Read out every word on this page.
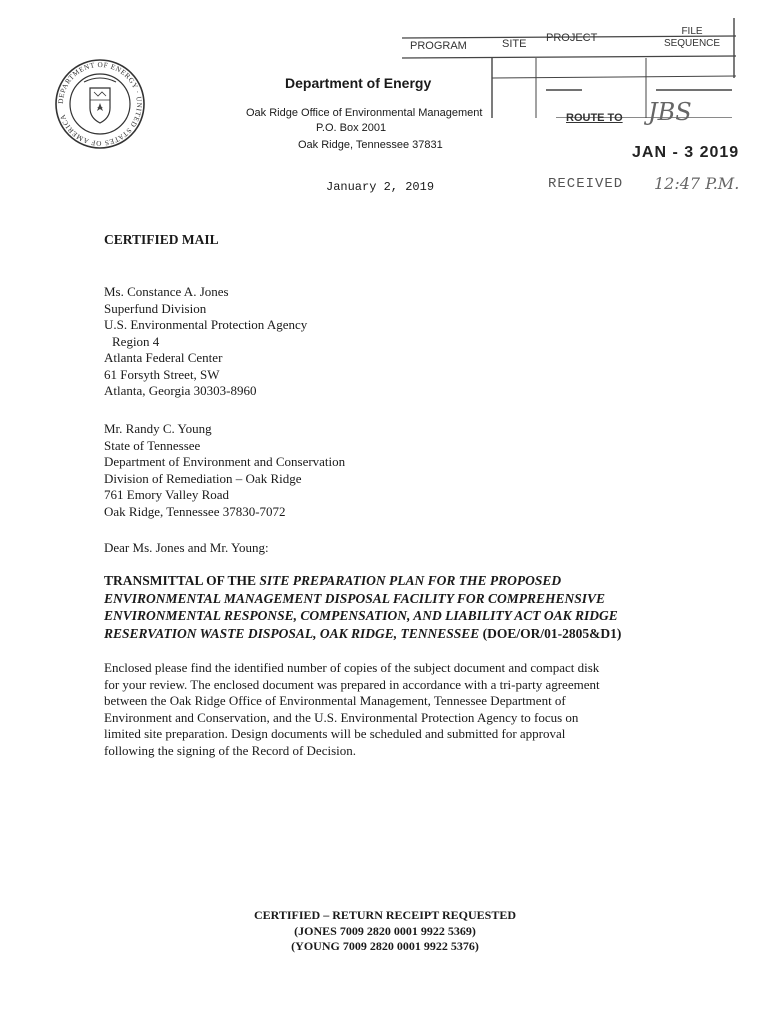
DEPARTMENT OF ENERGY · UNITED STATES OF AMERICA
Department of Energy
Oak Ridge Office of Environmental Management
P.O. Box 2001
Oak Ridge, Tennessee 37831
PROGRAM	SITE PROJECT
FILE SEQUENCE
ROUTE TO JBS
JAN - 3 2019
RECEIVED 12:47 P.M.
January 2, 2019
CERTIFIED MAIL
Ms. Constance A. Jones
Superfund Division
U.S. Environmental Protection Agency
Region 4
Atlanta Federal Center
61 Forsyth Street, SW
Atlanta, Georgia 30303-8960
Mr. Randy C. Young
State of Tennessee
Department of Environment and Conservation
Division of Remediation – Oak Ridge
761 Emory Valley Road
Oak Ridge, Tennessee 37830-7072
Dear Ms. Jones and Mr. Young:
TRANSMITTAL OF THE SITE PREPARATION PLAN FOR THE PROPOSED ENVIRONMENTAL MANAGEMENT DISPOSAL FACILITY FOR COMPREHENSIVE ENVIRONMENTAL RESPONSE, COMPENSATION, AND LIABILITY ACT OAK RIDGE RESERVATION WASTE DISPOSAL, OAK RIDGE, TENNESSEE (DOE/OR/01-2805&D1)
Enclosed please find the identified number of copies of the subject document and compact disk
for your review. The enclosed document was prepared in accordance with a tri-party agreement
between the Oak Ridge Office of Environmental Management, Tennessee Department of
Environment and Conservation, and the U.S. Environmental Protection Agency to focus on
limited site preparation. Design documents will be scheduled and submitted for approval
following the signing of the Record of Decision.
CERTIFIED – RETURN RECEIPT REQUESTED
(JONES 7009 2820 0001 9922 5369)
(YOUNG 7009 2820 0001 9922 5376)
